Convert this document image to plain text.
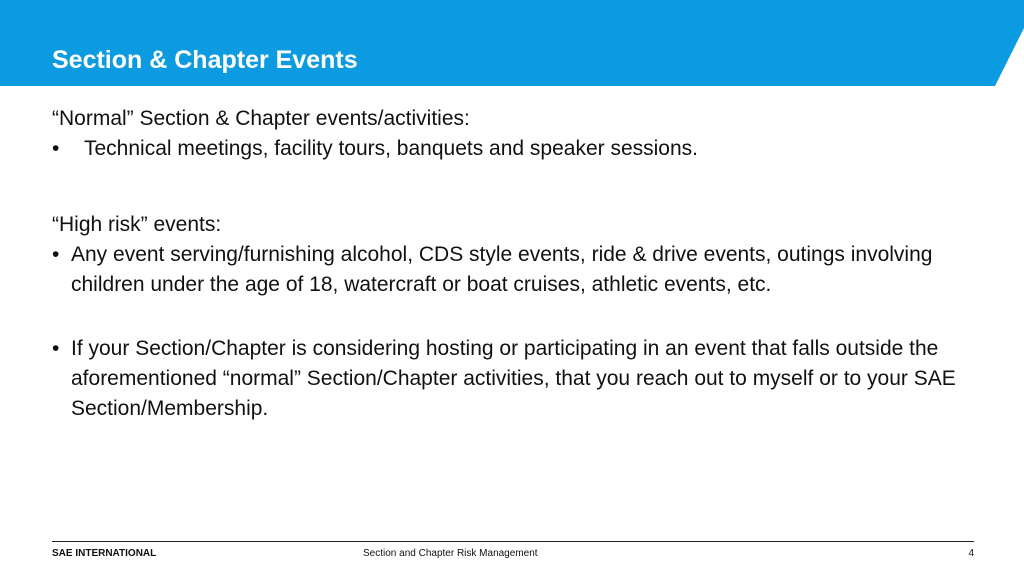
Section & Chapter Events

“Normal” Section & Chapter events/activities:

•	Technical meetings, facility tours, banquets and speaker sessions.

“High risk” events:

• Any event serving/furnishing alcohol, CDS style events, ride & drive events, outings involving children under the age of 18, watercraft or boat cruises, athletic events, etc.
• If your Section/Chapter is considering hosting or participating in an event that falls outside the aforementioned “normal” Section/Chapter activities, that you reach out to myself or to your SAE Section/Membership.
SAE INTERNATIONAL	Section and Chapter Risk Management	4
